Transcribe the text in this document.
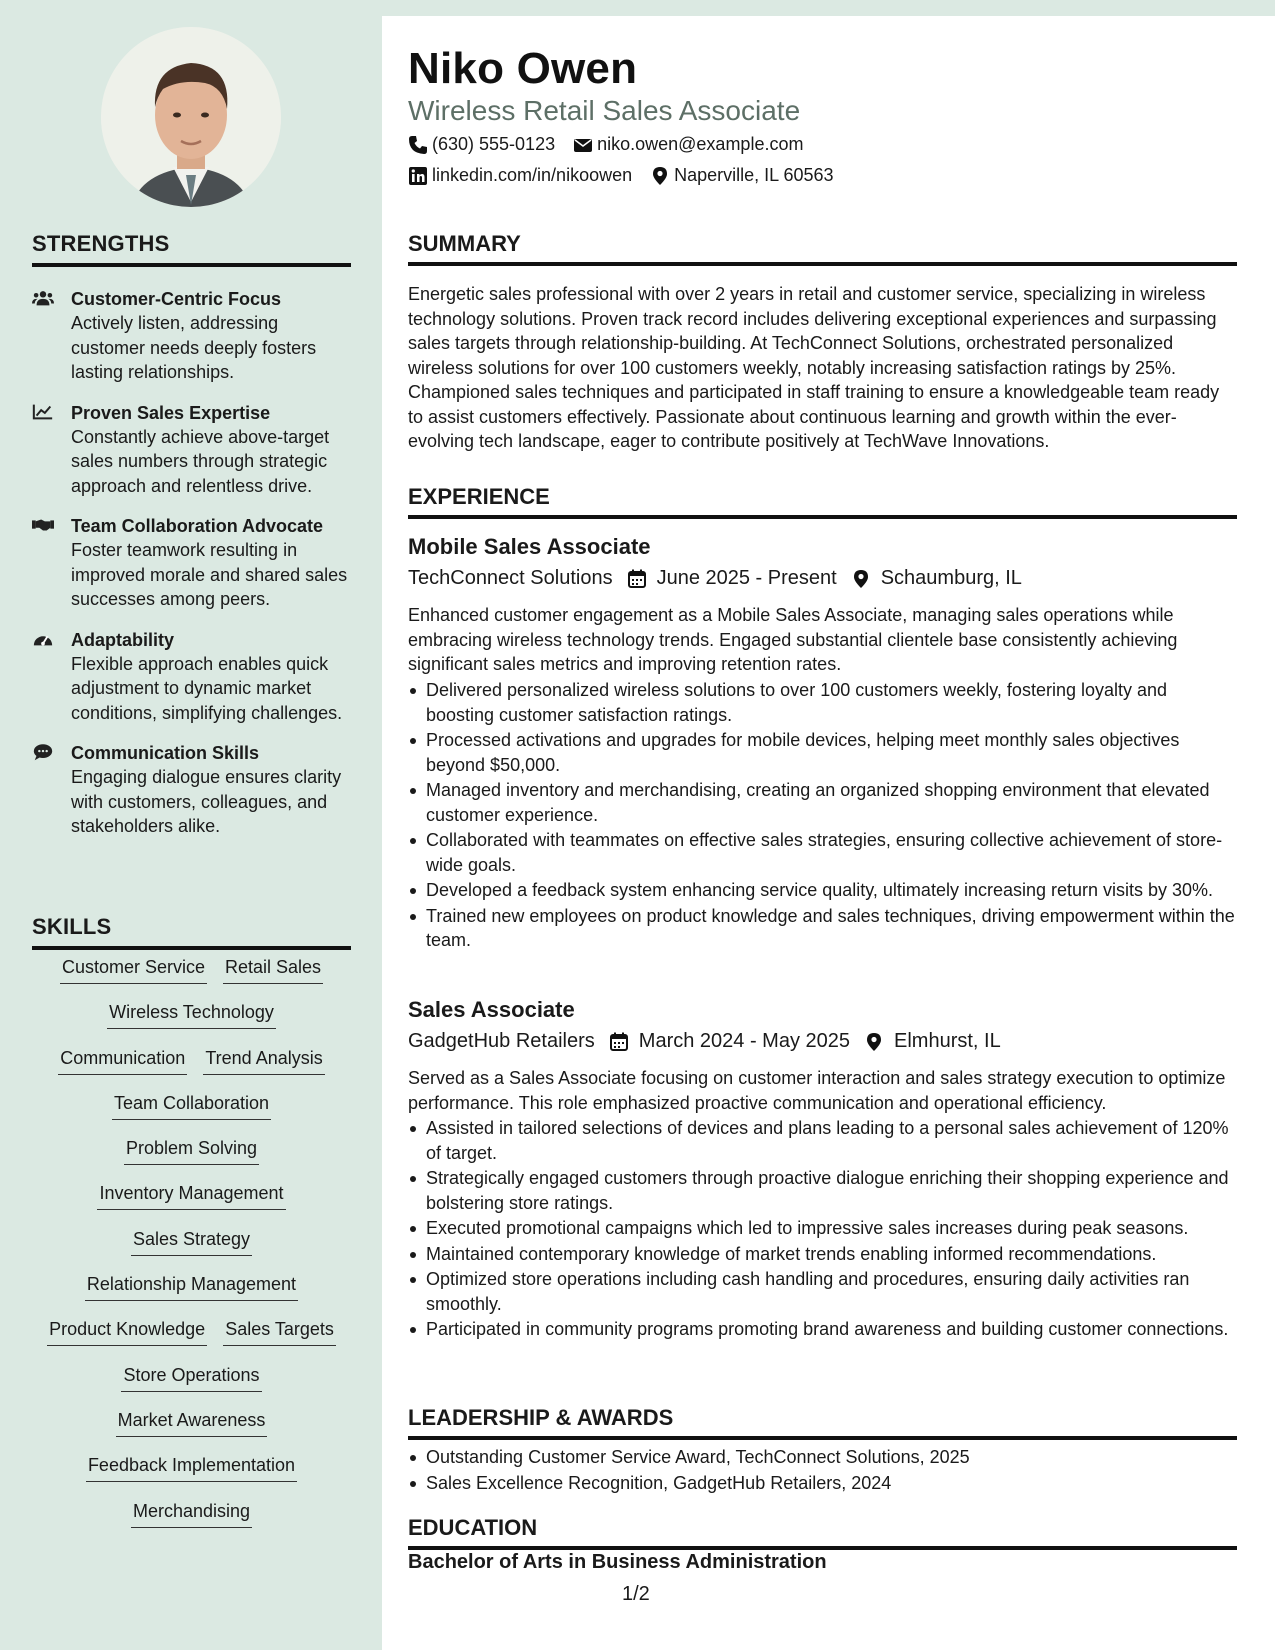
STRENGTHS
Customer-Centric Focus
Actively listen, addressing customer needs deeply fosters lasting relationships.
Proven Sales Expertise
Constantly achieve above-target sales numbers through strategic approach and relentless drive.
Team Collaboration Advocate
Foster teamwork resulting in improved morale and shared sales successes among peers.
Adaptability
Flexible approach enables quick adjustment to dynamic market conditions, simplifying challenges.
Communication Skills
Engaging dialogue ensures clarity with customers, colleagues, and stakeholders alike.
SKILLS
Customer Service Retail Sales
Wireless Technology
Communication Trend Analysis
Team Collaboration
Problem Solving
Inventory Management
Sales Strategy
Relationship Management
Product Knowledge Sales Targets
Store Operations
Market Awareness
Feedback Implementation
Merchandising
Niko Owen
Wireless Retail Sales Associate
(630) 555-0123 niko.owen@example.com
linkedin.com/in/nikoowen Naperville, IL 60563
SUMMARY
Energetic sales professional with over 2 years in retail and customer service, specializing in wireless technology solutions. Proven track record includes delivering exceptional experiences and surpassing sales targets through relationship-building. At TechConnect Solutions, orchestrated personalized wireless solutions for over 100 customers weekly, notably increasing satisfaction ratings by 25%. Championed sales techniques and participated in staff training to ensure a knowledgeable team ready to assist customers effectively. Passionate about continuous learning and growth within the ever-evolving tech landscape, eager to contribute positively at TechWave Innovations.
EXPERIENCE
Mobile Sales Associate
TechConnect Solutions June 2025 - Present Schaumburg, IL
Enhanced customer engagement as a Mobile Sales Associate, managing sales operations while embracing wireless technology trends. Engaged substantial clientele base consistently achieving significant sales metrics and improving retention rates.
Delivered personalized wireless solutions to over 100 customers weekly, fostering loyalty and boosting customer satisfaction ratings.
Processed activations and upgrades for mobile devices, helping meet monthly sales objectives beyond $50,000.
Managed inventory and merchandising, creating an organized shopping environment that elevated customer experience.
Collaborated with teammates on effective sales strategies, ensuring collective achievement of store-wide goals.
Developed a feedback system enhancing service quality, ultimately increasing return visits by 30%.
Trained new employees on product knowledge and sales techniques, driving empowerment within the team.
Sales Associate
GadgetHub Retailers March 2024 - May 2025 Elmhurst, IL
Served as a Sales Associate focusing on customer interaction and sales strategy execution to optimize performance. This role emphasized proactive communication and operational efficiency.
Assisted in tailored selections of devices and plans leading to a personal sales achievement of 120% of target.
Strategically engaged customers through proactive dialogue enriching their shopping experience and bolstering store ratings.
Executed promotional campaigns which led to impressive sales increases during peak seasons.
Maintained contemporary knowledge of market trends enabling informed recommendations.
Optimized store operations including cash handling and procedures, ensuring daily activities ran smoothly.
Participated in community programs promoting brand awareness and building customer connections.
LEADERSHIP & AWARDS
Outstanding Customer Service Award, TechConnect Solutions, 2025
Sales Excellence Recognition, GadgetHub Retailers, 2024
EDUCATION
Bachelor of Arts in Business Administration
1/2
